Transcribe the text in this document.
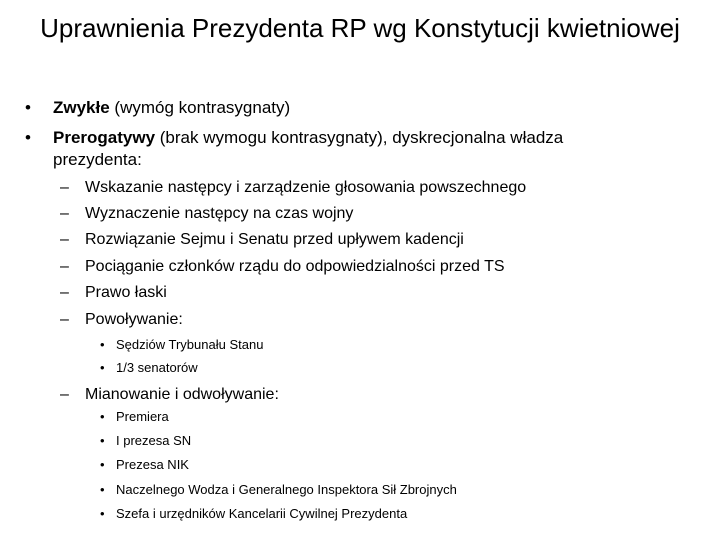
Uprawnienia Prezydenta RP wg Konstytucji kwietniowej
• Zwykłe (wymóg kontrasygnaty)
• Prerogatywy (brak wymogu kontrasygnaty), dyskrecjonalna władza
prezydenta:
– Wskazanie następcy i zarządzenie głosowania powszechnego
– Wyznaczenie następcy na czas wojny
– Rozwiązanie Sejmu i Senatu przed upływem kadencji
– Pociąganie członków rządu do odpowiedzialności przed TS
– Prawo łaski
– Powoływanie:
• Sędziów Trybunału Stanu
• 1/3 senatorów
– Mianowanie i odwoływanie:
• Premiera
• I prezesa SN
• Prezesa NIK
• Naczelnego Wodza i Generalnego Inspektora Sił Zbrojnych
• Szefa i urzędników Kancelarii Cywilnej Prezydenta
